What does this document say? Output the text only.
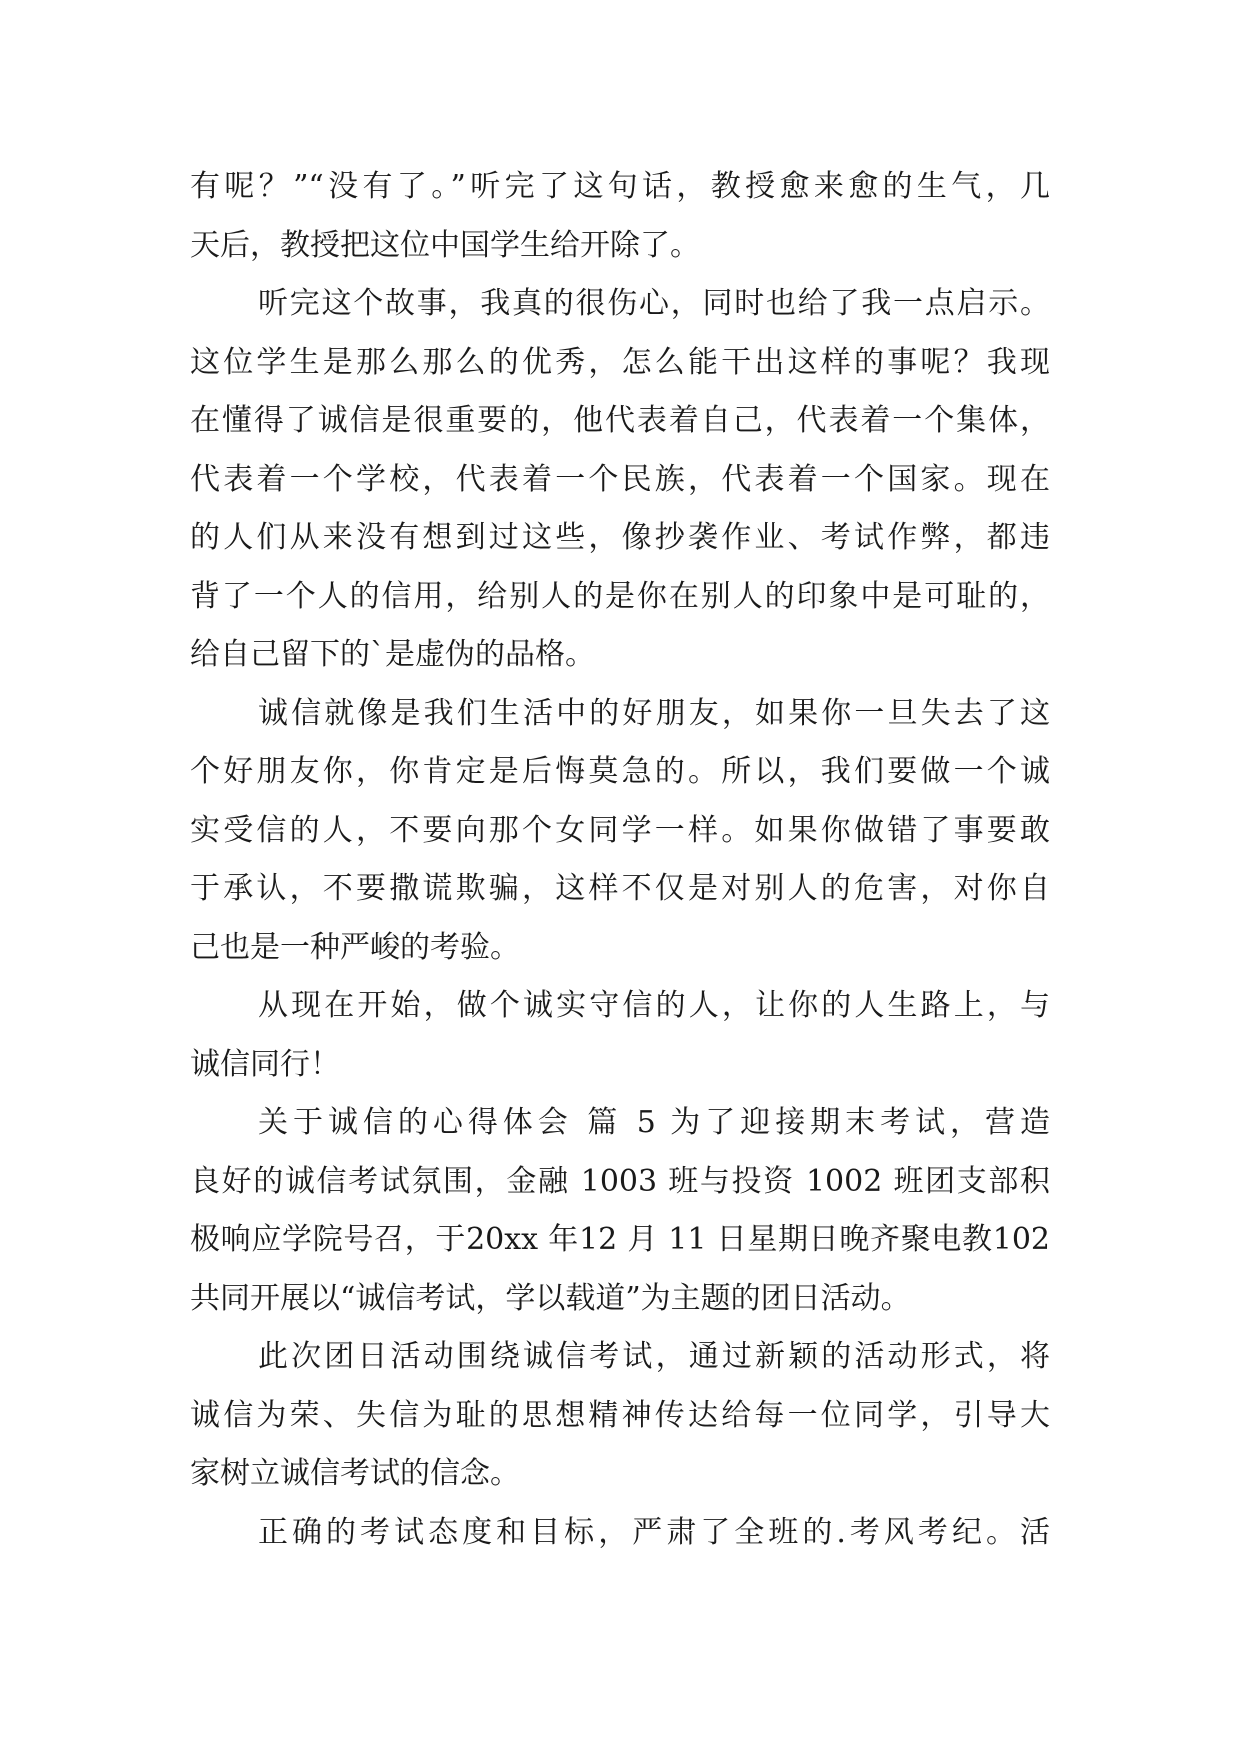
有呢？”“没有了。”听完了这句话，教授愈来愈的生气，几
天后，教授把这位中国学生给开除了。
听完这个故事，我真的很伤心，同时也给了我一点启示。
这位学生是那么那么的优秀，怎么能干出这样的事呢？我现
在懂得了诚信是很重要的，他代表着自己，代表着一个集体，
代表着一个学校，代表着一个民族，代表着一个国家。现在
的人们从来没有想到过这些，像抄袭作业、考试作弊，都违
背了一个人的信用，给别人的是你在别人的印象中是可耻的，
给自己留下的`是虚伪的品格。
诚信就像是我们生活中的好朋友，如果你一旦失去了这
个好朋友你，你肯定是后悔莫急的。所以，我们要做一个诚
实受信的人，不要向那个女同学一样。如果你做错了事要敢
于承认，不要撒谎欺骗，这样不仅是对别人的危害，对你自
己也是一种严峻的考验。
从现在开始，做个诚实守信的人，让你的人生路上，与
诚信同行！
关于诚信的心得体会 篇 5 为了迎接期末考试，营造
良好的诚信考试氛围，金融 1003 班与投资 1002 班团支部积
极响应学院号召，于20xx 年12 月 11 日星期日晚齐聚电教102
共同开展以“诚信考试，学以载道”为主题的团日活动。
此次团日活动围绕诚信考试，通过新颖的活动形式，将
诚信为荣、失信为耻的思想精神传达给每一位同学，引导大
家树立诚信考试的信念。
正确的考试态度和目标，严肃了全班的.考风考纪。活
